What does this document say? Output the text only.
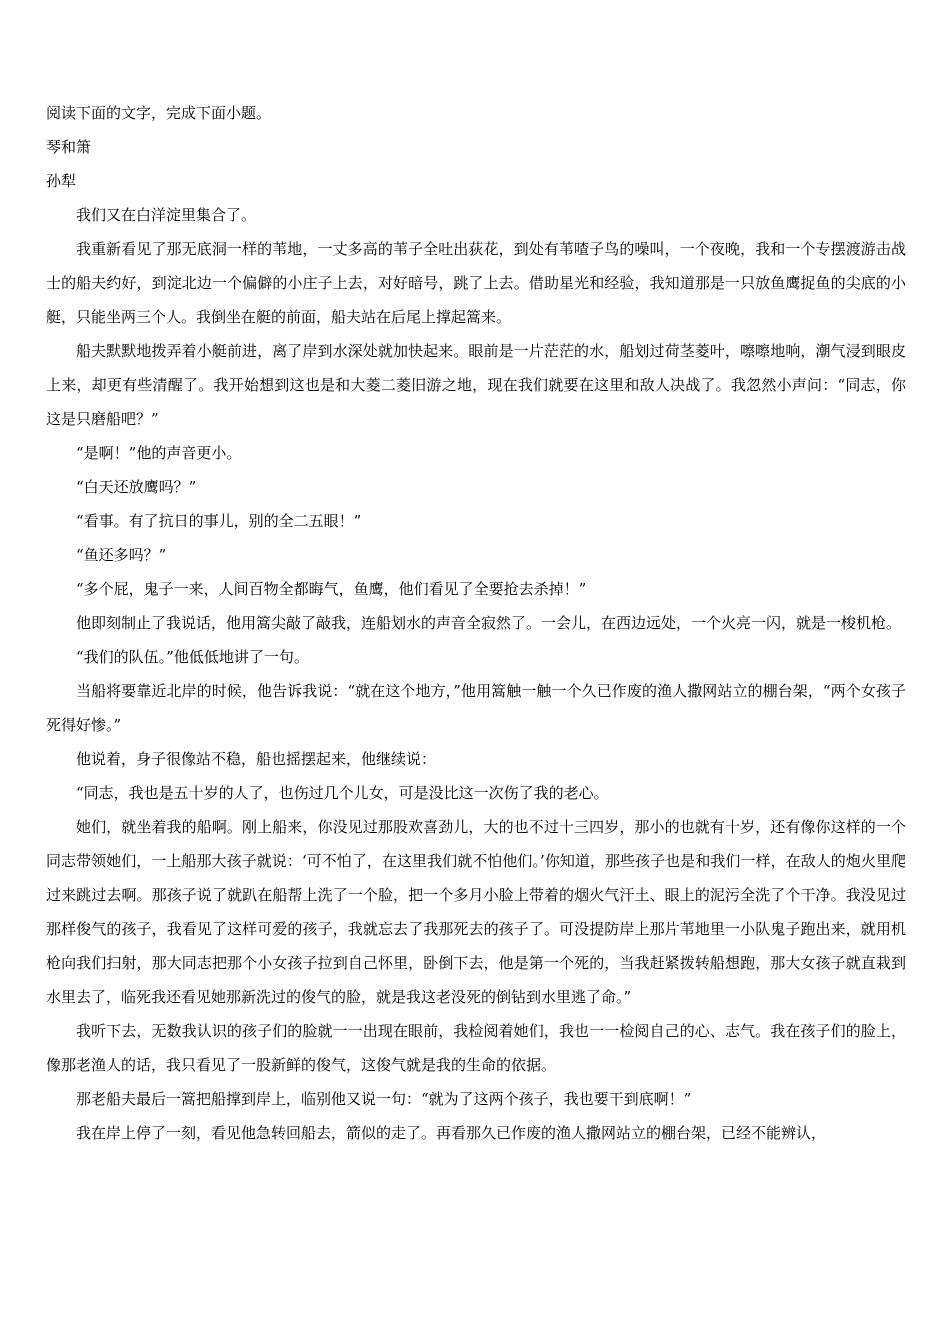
阅读下面的文字，完成下面小题。

琴和箫

孙犁

我们又在白洋淀里集合了。

我重新看见了那无底洞一样的苇地，一丈多高的苇子全吐出荻花，到处有苇喳子鸟的噪叫，一个夜晚，我和一个专摆渡游击战士的船夫约好，到淀北边一个偏僻的小庄子上去，对好暗号，跳了上去。借助星光和经验，我知道那是一只放鱼鹰捉鱼的尖底的小艇，只能坐两三个人。我倒坐在艇的前面，船夫站在后尾上撑起篙来。

船夫默默地拨弄着小艇前进，离了岸到水深处就加快起来。眼前是一片茫茫的水，船划过荷茎菱叶，嚓嚓地响，潮气浸到眼皮上来，却更有些清醒了。我开始想到这也是和大菱二菱旧游之地，现在我们就要在这里和敌人决战了。我忽然小声问：“同志，你这是只磨船吧？”

“是啊！”他的声音更小。

“白天还放鹰吗？”

“看事。有了抗日的事儿，别的全二五眼！”

“鱼还多吗？”

“多个屁，鬼子一来，人间百物全都晦气，鱼鹰，他们看见了全要抢去杀掉！”

他即刻制止了我说话，他用篙尖敲了敲我，连船划水的声音全寂然了。一会儿，在西边远处，一个火亮一闪，就是一梭机枪。

“我们的队伍。”他低低地讲了一句。

当船将要靠近北岸的时候，他告诉我说：“就在这个地方，”他用篙触一触一个久已作废的渔人撒网站立的棚台架，“两个女孩子死得好惨。”

他说着，身子很像站不稳，船也摇摆起来，他继续说：

“同志，我也是五十岁的人了，也伤过几个儿女，可是没比这一次伤了我的老心。

她们，就坐着我的船啊。刚上船来，你没见过那股欢喜劲儿，大的也不过十三四岁，那小的也就有十岁，还有像你这样的一个同志带领她们，一上船那大孩子就说：‘可不怕了，在这里我们就不怕他们。’你知道，那些孩子也是和我们一样，在敌人的炮火里爬过来跳过去啊。那孩子说了就趴在船帮上洗了一个脸，把一个多月小脸上带着的烟火气汗土、眼上的泥污全洗了个干净。我没见过那样俊气的孩子，我看见了这样可爱的孩子，我就忘去了我那死去的孩子了。可没提防岸上那片苇地里一小队鬼子跑出来，就用机枪向我们扫射，那大同志把那个小女孩子拉到自己怀里，卧倒下去，他是第一个死的，当我赶紧拨转船想跑，那大女孩子就直栽到水里去了，临死我还看见她那新洗过的俊气的脸，就是我这老没死的倒钻到水里逃了命。”

我听下去，无数我认识的孩子们的脸就一一出现在眼前，我检阅着她们，我也一一检阅自己的心、志气。我在孩子们的脸上，像那老渔人的话，我只看见了一股新鲜的俊气，这俊气就是我的生命的依据。

那老船夫最后一篙把船撑到岸上，临别他又说一句：“就为了这两个孩子，我也要干到底啊！”

我在岸上停了一刻，看见他急转回船去，箭似的走了。再看那久已作废的渔人撒网站立的棚台架，已经不能辨认，
